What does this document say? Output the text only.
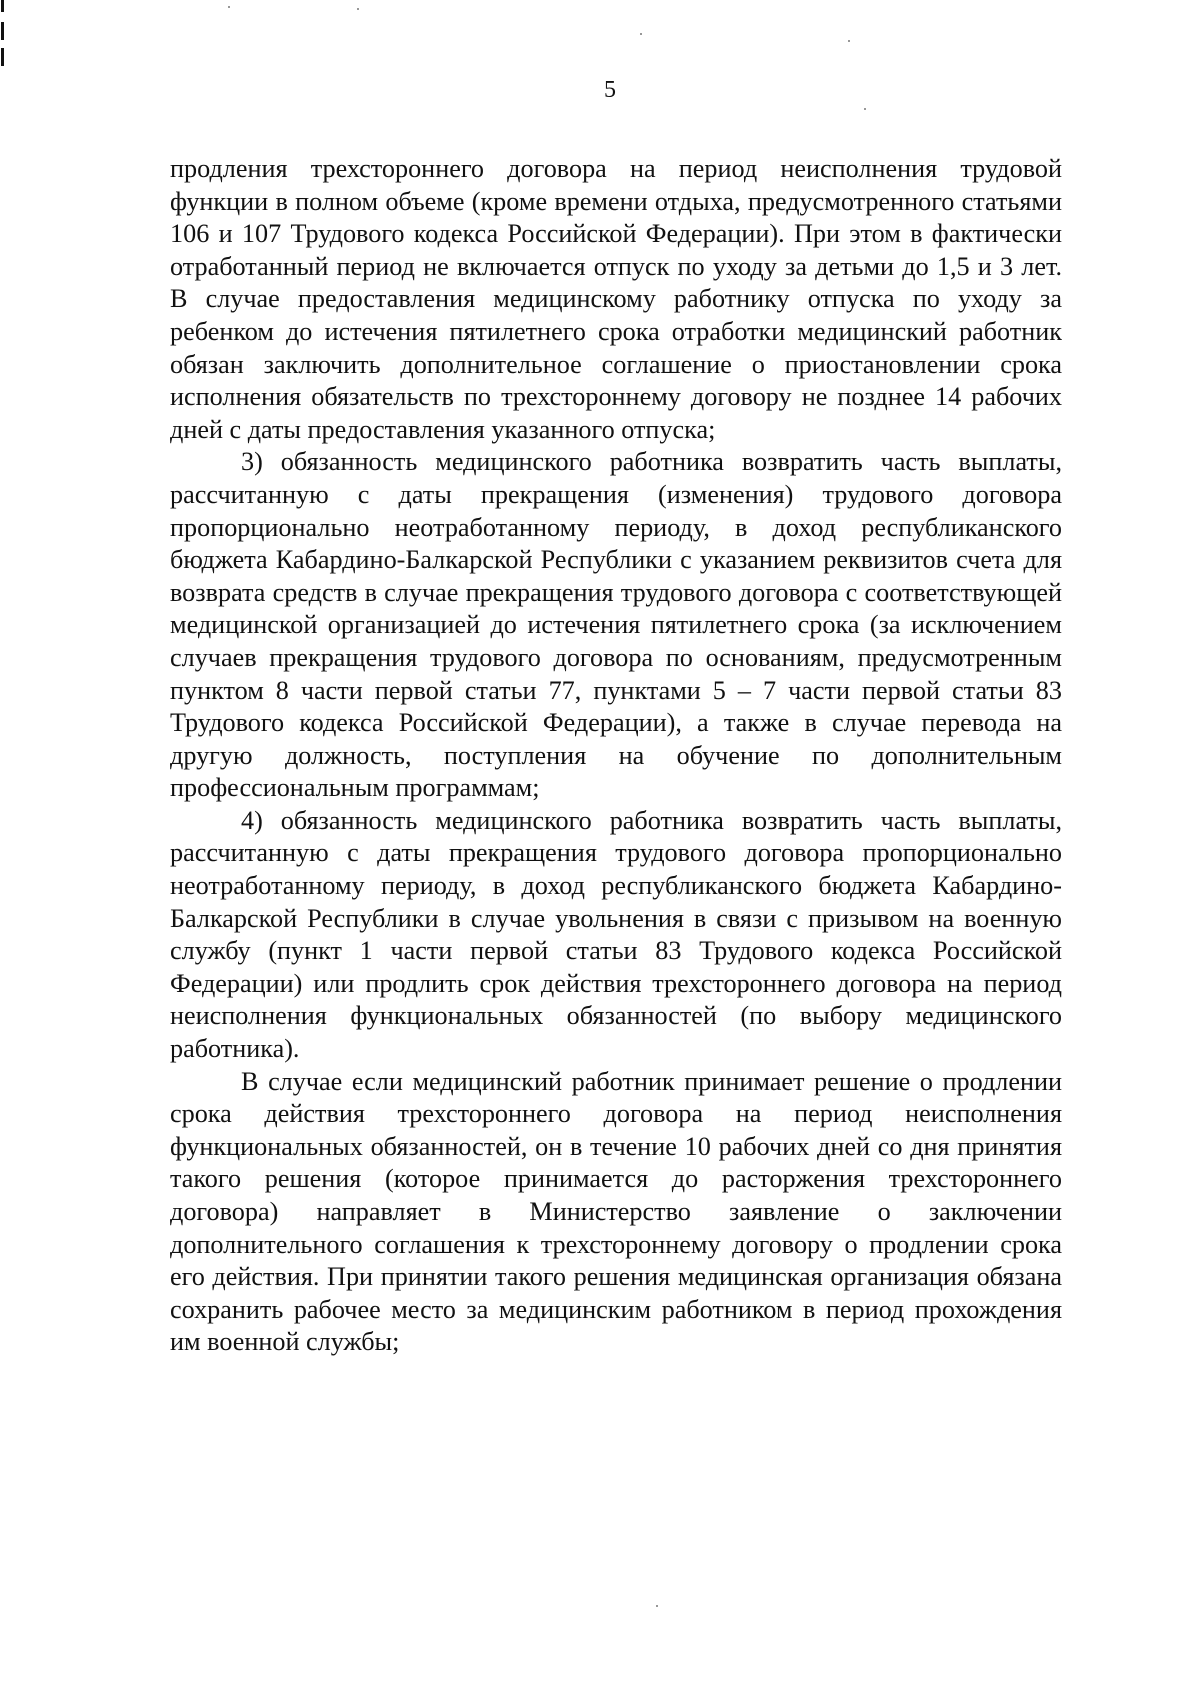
5

продления трехстороннего договора на период неисполнения трудовой функции в полном объеме (кроме времени отдыха, предусмотренного статьями 106 и 107 Трудового кодекса Российской Федерации). При этом в фактически отработанный период не включается отпуск по уходу за детьми до 1,5 и 3 лет. В случае предоставления медицинскому работнику отпуска по уходу за ребенком до истечения пятилетнего срока отработки медицинский работник обязан заключить дополнительное соглашение о приостановлении срока исполнения обязательств по трехстороннему договору не позднее 14 рабочих дней с даты предоставления указанного отпуска;

3) обязанность медицинского работника возвратить часть выплаты, рассчитанную с даты прекращения (изменения) трудового договора пропорционально неотработанному периоду, в доход республиканского бюджета Кабардино-Балкарской Республики с указанием реквизитов счета для возврата средств в случае прекращения трудового договора с соответствующей медицинской организацией до истечения пятилетнего срока (за исключением случаев прекращения трудового договора по основаниям, предусмотренным пунктом 8 части первой статьи 77, пунктами 5 – 7 части первой статьи 83 Трудового кодекса Российской Федерации), а также в случае перевода на другую должность, поступления на обучение по дополнительным профессиональным программам;

4) обязанность медицинского работника возвратить часть выплаты, рассчитанную с даты прекращения трудового договора пропорционально неотработанному периоду, в доход республиканского бюджета Кабардино-Балкарской Республики в случае увольнения в связи с призывом на военную службу (пункт 1 части первой статьи 83 Трудового кодекса Российской Федерации) или продлить срок действия трехстороннего договора на период неисполнения функциональных обязанностей (по выбору медицинского работника).

В случае если медицинский работник принимает решение о продлении срока действия трехстороннего договора на период неисполнения функциональных обязанностей, он в течение 10 рабочих дней со дня принятия такого решения (которое принимается до расторжения трехстороннего договора) направляет в Министерство заявление о заключении дополнительного соглашения к трехстороннему договору о продлении срока его действия. При принятии такого решения медицинская организация обязана сохранить рабочее место за медицинским работником в период прохождения им военной службы;
